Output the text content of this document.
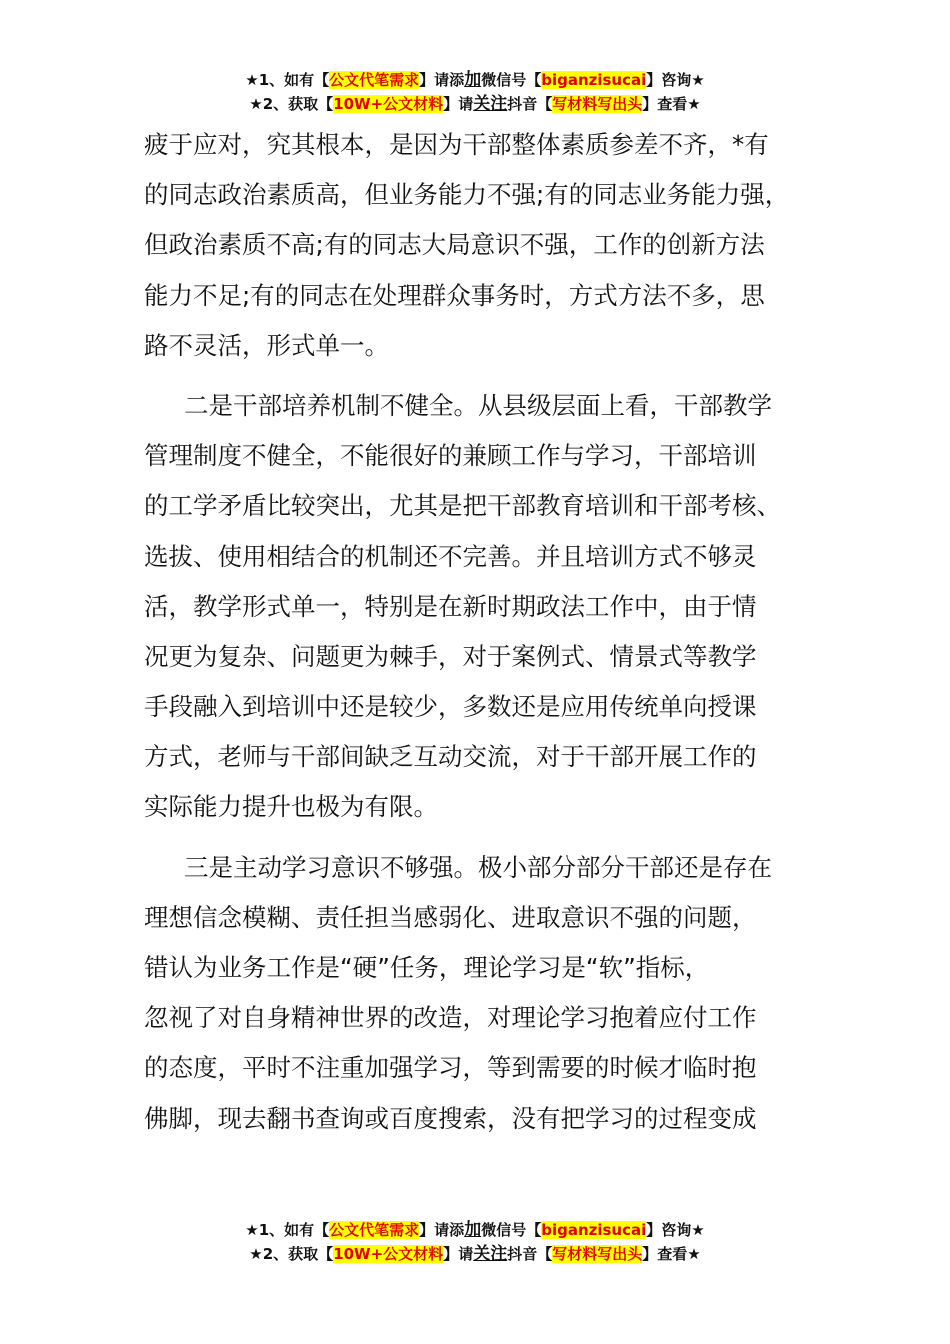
★1、如有【公文代笔需求】请添加微信号【biganzisucai】咨询★
★2、获取【10W+公文材料】请关注抖音【写材料写出头】查看★

疲于应对，究其根本，是因为干部整体素质参差不齐，*有
的同志政治素质高，但业务能力不强;有的同志业务能力强，
但政治素质不高;有的同志大局意识不强，工作的创新方法
能力不足;有的同志在处理群众事务时，方式方法不多，思
路不灵活，形式单一。

二是干部培养机制不健全。从县级层面上看，干部教学
管理制度不健全，不能很好的兼顾工作与学习，干部培训
的工学矛盾比较突出，尤其是把干部教育培训和干部考核、
选拔、使用相结合的机制还不完善。并且培训方式不够灵
活，教学形式单一，特别是在新时期政法工作中，由于情
况更为复杂、问题更为棘手，对于案例式、情景式等教学
手段融入到培训中还是较少，多数还是应用传统单向授课
方式，老师与干部间缺乏互动交流，对于干部开展工作的
实际能力提升也极为有限。

三是主动学习意识不够强。极小部分部分干部还是存在
理想信念模糊、责任担当感弱化、进取意识不强的问题，
错认为业务工作是“硬”任务，理论学习是“软”指标，
忽视了对自身精神世界的改造，对理论学习抱着应付工作
的态度，平时不注重加强学习，等到需要的时候才临时抱
佛脚，现去翻书查询或百度搜索，没有把学习的过程变成

★1、如有【公文代笔需求】请添加微信号【biganzisucai】咨询★
★2、获取【10W+公文材料】请关注抖音【写材料写出头】查看★
